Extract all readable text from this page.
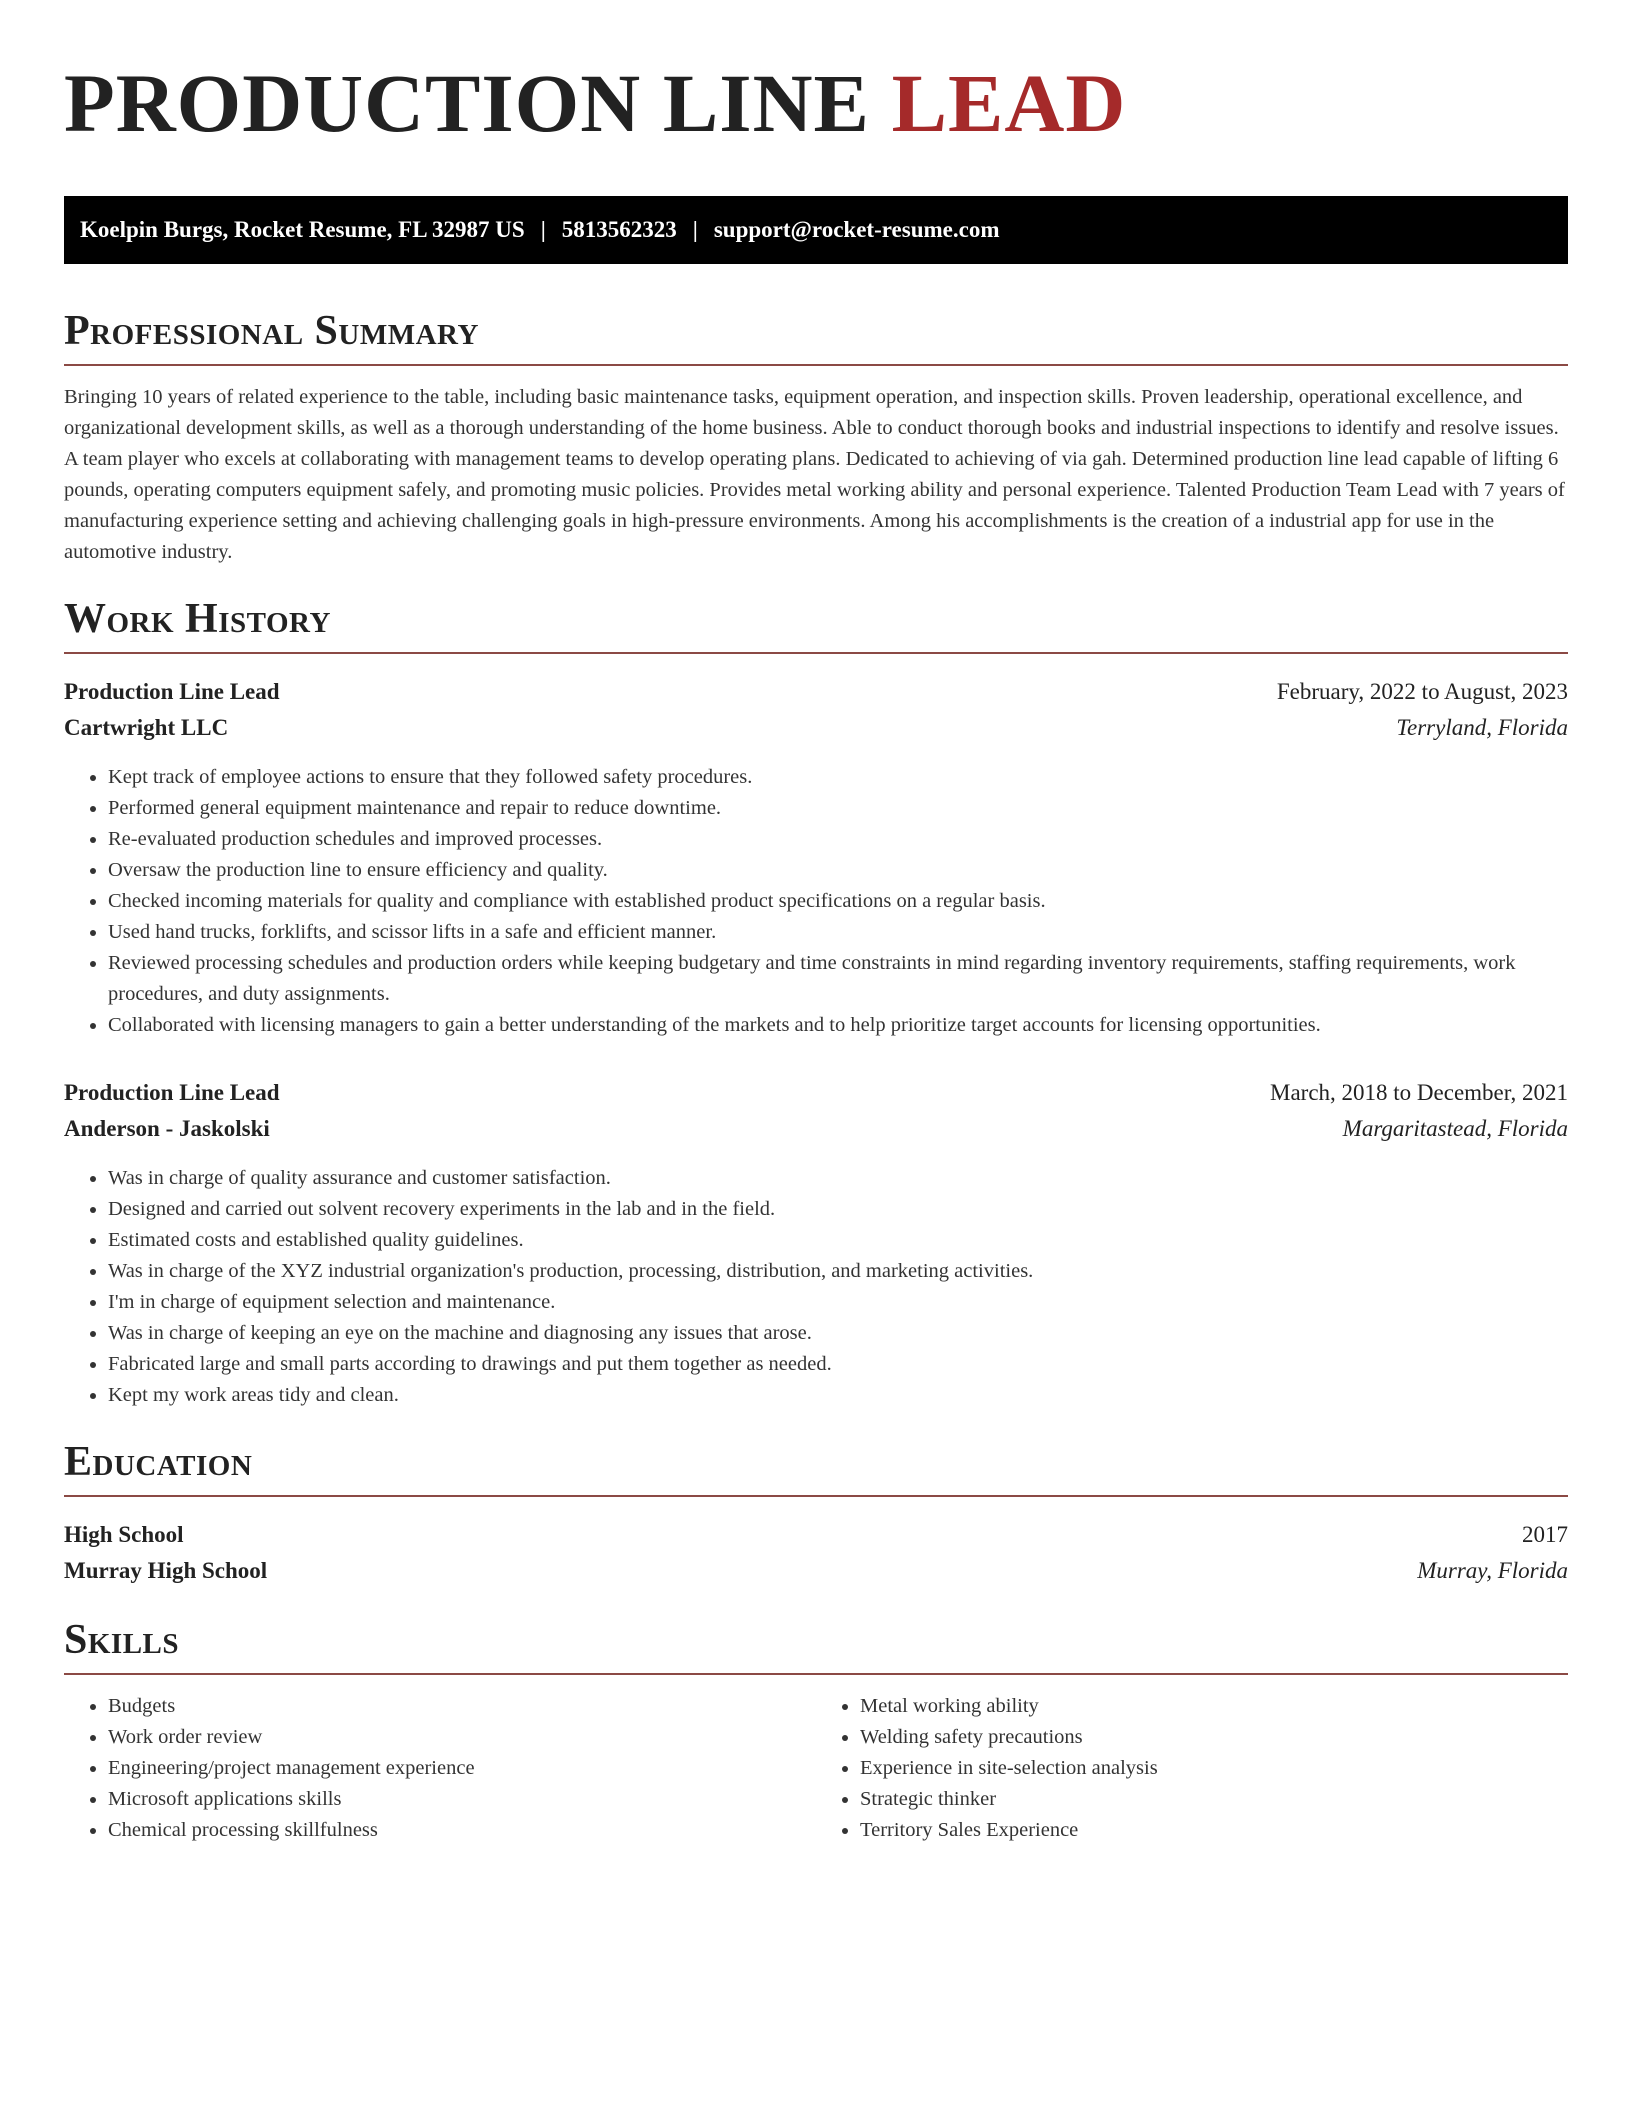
PRODUCTION LINE LEAD
Koelpin Burgs, Rocket Resume, FL 32987 US | 5813562323 | support@rocket-resume.com
Professional Summary

Bringing 10 years of related experience to the table, including basic maintenance tasks, equipment operation, and inspection skills. Proven leadership, operational excellence, and organizational development skills, as well as a thorough understanding of the home business. Able to conduct thorough books and industrial inspections to identify and resolve issues. A team player who excels at collaborating with management teams to develop operating plans. Dedicated to achieving of via gah. Determined production line lead capable of lifting 6 pounds, operating computers equipment safely, and promoting music policies. Provides metal working ability and personal experience. Talented Production Team Lead with 7 years of manufacturing experience setting and achieving challenging goals in high-pressure environments. Among his accomplishments is the creation of a industrial app for use in the automotive industry.

Work History
Production Line Lead	February, 2022 to August, 2023
Cartwright LLC	Terryland, Florida
• Kept track of employee actions to ensure that they followed safety procedures.
• Performed general equipment maintenance and repair to reduce downtime.
• Re-evaluated production schedules and improved processes.
• Oversaw the production line to ensure efficiency and quality.
• Checked incoming materials for quality and compliance with established product specifications on a regular basis.
• Used hand trucks, forklifts, and scissor lifts in a safe and efficient manner.
• Reviewed processing schedules and production orders while keeping budgetary and time constraints in mind regarding inventory requirements, staffing requirements, work procedures, and duty assignments.
• Collaborated with licensing managers to gain a better understanding of the markets and to help prioritize target accounts for licensing opportunities.
Production Line Lead	March, 2018 to December, 2021
Anderson - Jaskolski	Margaritastead, Florida
• Was in charge of quality assurance and customer satisfaction.
• Designed and carried out solvent recovery experiments in the lab and in the field.
• Estimated costs and established quality guidelines.
• Was in charge of the XYZ industrial organization's production, processing, distribution, and marketing activities.
• I'm in charge of equipment selection and maintenance.
• Was in charge of keeping an eye on the machine and diagnosing any issues that arose.
• Fabricated large and small parts according to drawings and put them together as needed.
• Kept my work areas tidy and clean.
Education
High School	2017
Murray High School	Murray, Florida
Skills
• Budgets
• Work order review
• Engineering/project management experience
• Microsoft applications skills
• Chemical processing skillfulness
• Metal working ability
• Welding safety precautions
• Experience in site-selection analysis
• Strategic thinker
• Territory Sales Experience
